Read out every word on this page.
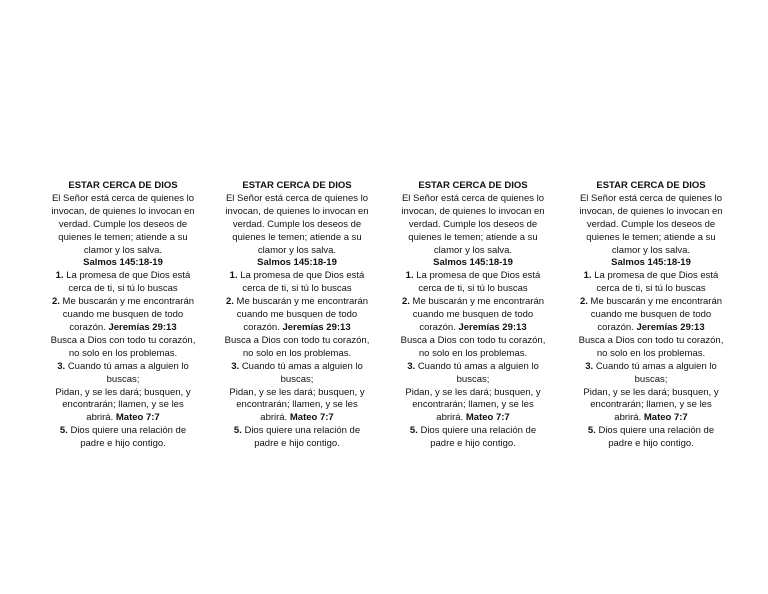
ESTAR CERCA DE DIOS

El Señor está cerca de quienes lo
invocan, de quienes lo invocan en
verdad. Cumple los deseos de
quienes le temen; atiende a su
clamor y los salva.
Salmos 145:18-19
1. La promesa de que Dios está
cerca de ti, si tú lo buscas
2. Me buscarán y me encontrarán
cuando me busquen de todo
corazón. Jeremías 29:13
Busca a Dios con todo tu corazón,
no solo en los problemas.
3. Cuando tú amas a alguien lo
buscas;
Pidan, y se les dará; busquen, y
encontrarán; llamen, y se les
abrirá. Mateo 7:7
5. Dios quiere una relación de
padre e hijo contigo.

ESTAR CERCA DE DIOS

El Señor está cerca de quienes lo
invocan, de quienes lo invocan en
verdad. Cumple los deseos de
quienes le temen; atiende a su
clamor y los salva.
Salmos 145:18-19
1. La promesa de que Dios está
cerca de ti, si tú lo buscas
2. Me buscarán y me encontrarán
cuando me busquen de todo
corazón. Jeremías 29:13
Busca a Dios con todo tu corazón,
no solo en los problemas.
3. Cuando tú amas a alguien lo
buscas;
Pidan, y se les dará; busquen, y
encontrarán; llamen, y se les
abrirá. Mateo 7:7
5. Dios quiere una relación de
padre e hijo contigo.

ESTAR CERCA DE DIOS

El Señor está cerca de quienes lo
invocan, de quienes lo invocan en
verdad. Cumple los deseos de
quienes le temen; atiende a su
clamor y los salva.
Salmos 145:18-19
1. La promesa de que Dios está
cerca de ti, si tú lo buscas
2. Me buscarán y me encontrarán
cuando me busquen de todo
corazón. Jeremías 29:13
Busca a Dios con todo tu corazón,
no solo en los problemas.
3. Cuando tú amas a alguien lo
buscas;
Pidan, y se les dará; busquen, y
encontrarán; llamen, y se les
abrirá. Mateo 7:7
5. Dios quiere una relación de
padre e hijo contigo.

ESTAR CERCA DE DIOS

El Señor está cerca de quienes lo
invocan, de quienes lo invocan en
verdad. Cumple los deseos de
quienes le temen; atiende a su
clamor y los salva.
Salmos 145:18-19
1. La promesa de que Dios está
cerca de ti, si tú lo buscas
2. Me buscarán y me encontrarán
cuando me busquen de todo
corazón. Jeremías 29:13
Busca a Dios con todo tu corazón,
no solo en los problemas.
3. Cuando tú amas a alguien lo
buscas;
Pidan, y se les dará; busquen, y
encontrarán; llamen, y se les
abrirá. Mateo 7:7
5. Dios quiere una relación de
padre e hijo contigo.
